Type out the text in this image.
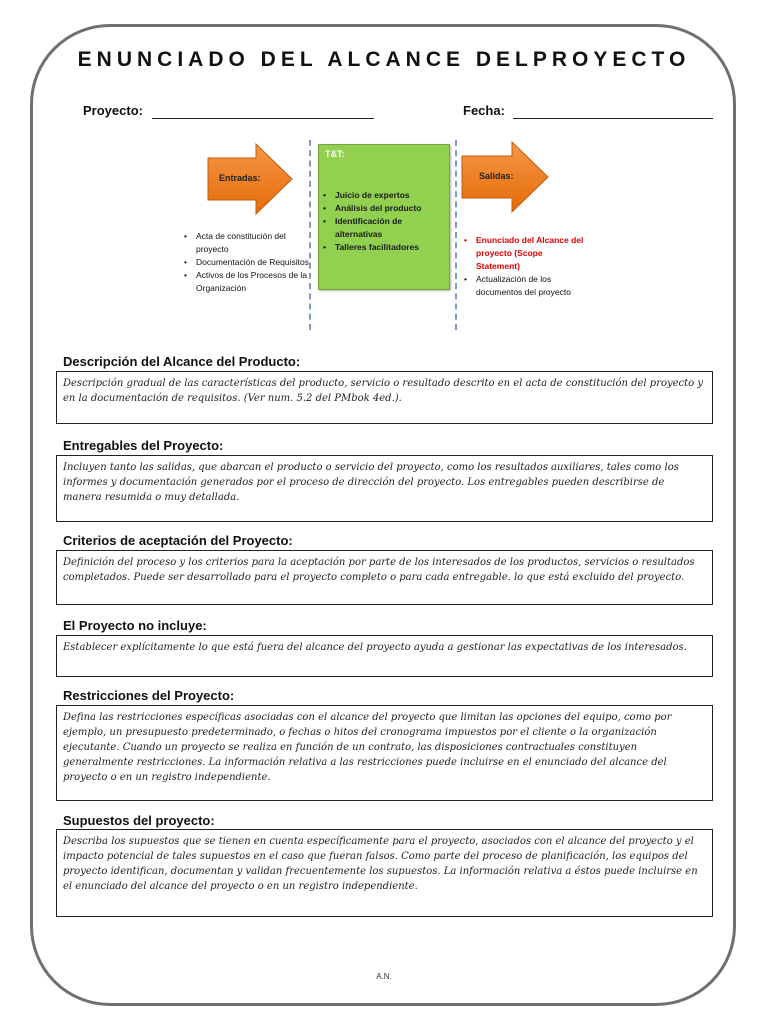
ENUNCIADO DEL ALCANCE DELPROYECTO
Proyecto:	Fecha:
Entradas:
• Acta de constitución del proyecto
• Documentación de Requisitos
• Activos de los Procesos de la Organización
T&T:
• Juicio de expertos
• Análisis del producto
• Identificación de alternativas
• Talleres facilitadores
Salidas:
• Enunciado del Alcance del proyecto (Scope Statement)
• Actualización de los documentos del proyecto
Descripción del Alcance del Producto:
Descripción gradual de las características del producto, servicio o resultado descrito en el acta de constitución del proyecto y en la documentación de requisitos. (Ver num. 5.2 del PMbok 4ed.).
Entregables del Proyecto:
Incluyen tanto las salidas, que abarcan el producto o servicio del proyecto, como los resultados auxiliares, tales como los informes y documentación generados por el proceso de dirección del proyecto. Los entregables pueden describirse de manera resumida o muy detallada.
Criterios de aceptación del Proyecto:
Definición del proceso y los criterios para la aceptación por parte de los interesados de los productos, servicios o resultados completados. Puede ser desarrollado para el proyecto completo o para cada entregable. lo que está excluido del proyecto.
El Proyecto no incluye:
Establecer explícitamente lo que está fuera del alcance del proyecto ayuda a gestionar las expectativas de los interesados.
Restricciones del Proyecto:
Defina las restricciones específicas asociadas con el alcance del proyecto que limitan las opciones del equipo, como por ejemplo, un presupuesto predeterminado, o fechas o hitos del cronograma impuestos por el cliente o la organización ejecutante. Cuando un proyecto se realiza en función de un contrato, las disposiciones contractuales constituyen generalmente restricciones. La información relativa a las restricciones puede incluirse en el enunciado del alcance del proyecto o en un registro independiente.
Supuestos del proyecto:
Describa los supuestos que se tienen en cuenta específicamente para el proyecto, asociados con el alcance del proyecto y el impacto potencial de tales supuestos en el caso que fueran falsos. Como parte del proceso de planificación, los equipos del proyecto identifican, documentan y validan frecuentemente los supuestos. La información relativa a éstos puede incluirse en el enunciado del alcance del proyecto o en un registro independiente.
A.N.
